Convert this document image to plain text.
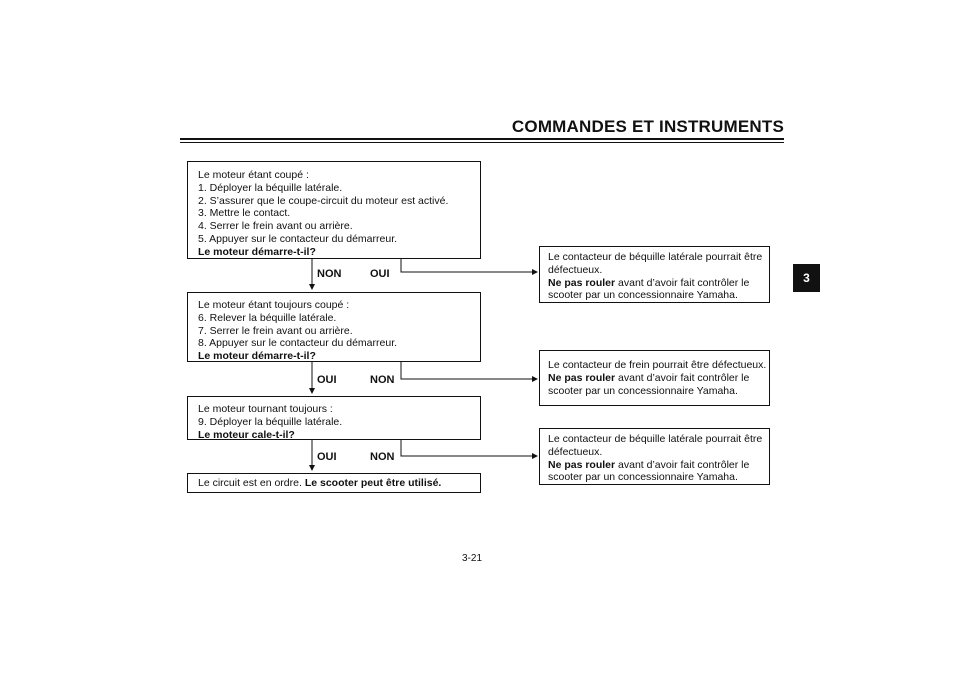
COMMANDES ET INSTRUMENTS
3
Le moteur étant coupé :
1. Déployer la béquille latérale.
2. S’assurer que le coupe-circuit du moteur est activé.
3. Mettre le contact.
4. Serrer le frein avant ou arrière.
5. Appuyer sur le contacteur du démarreur.
Le moteur démarre-t-il?
NON	OUI
Le moteur étant toujours coupé :
6. Relever la béquille latérale.
7. Serrer le frein avant ou arrière.
8. Appuyer sur le contacteur du démarreur.
Le moteur démarre-t-il?
OUI	NON
Le moteur tournant toujours :
9. Déployer la béquille latérale.
Le moteur cale-t-il?
OUI	NON
Le circuit est en ordre. Le scooter peut être utilisé.
Le contacteur de béquille latérale pourrait être
défectueux.
Ne pas rouler avant d’avoir fait contrôler le
scooter par un concessionnaire Yamaha.
Le contacteur de frein pourrait être défectueux.
Ne pas rouler avant d’avoir fait contrôler le
scooter par un concessionnaire Yamaha.
Le contacteur de béquille latérale pourrait être
défectueux.
Ne pas rouler avant d’avoir fait contrôler le
scooter par un concessionnaire Yamaha.
3-21
